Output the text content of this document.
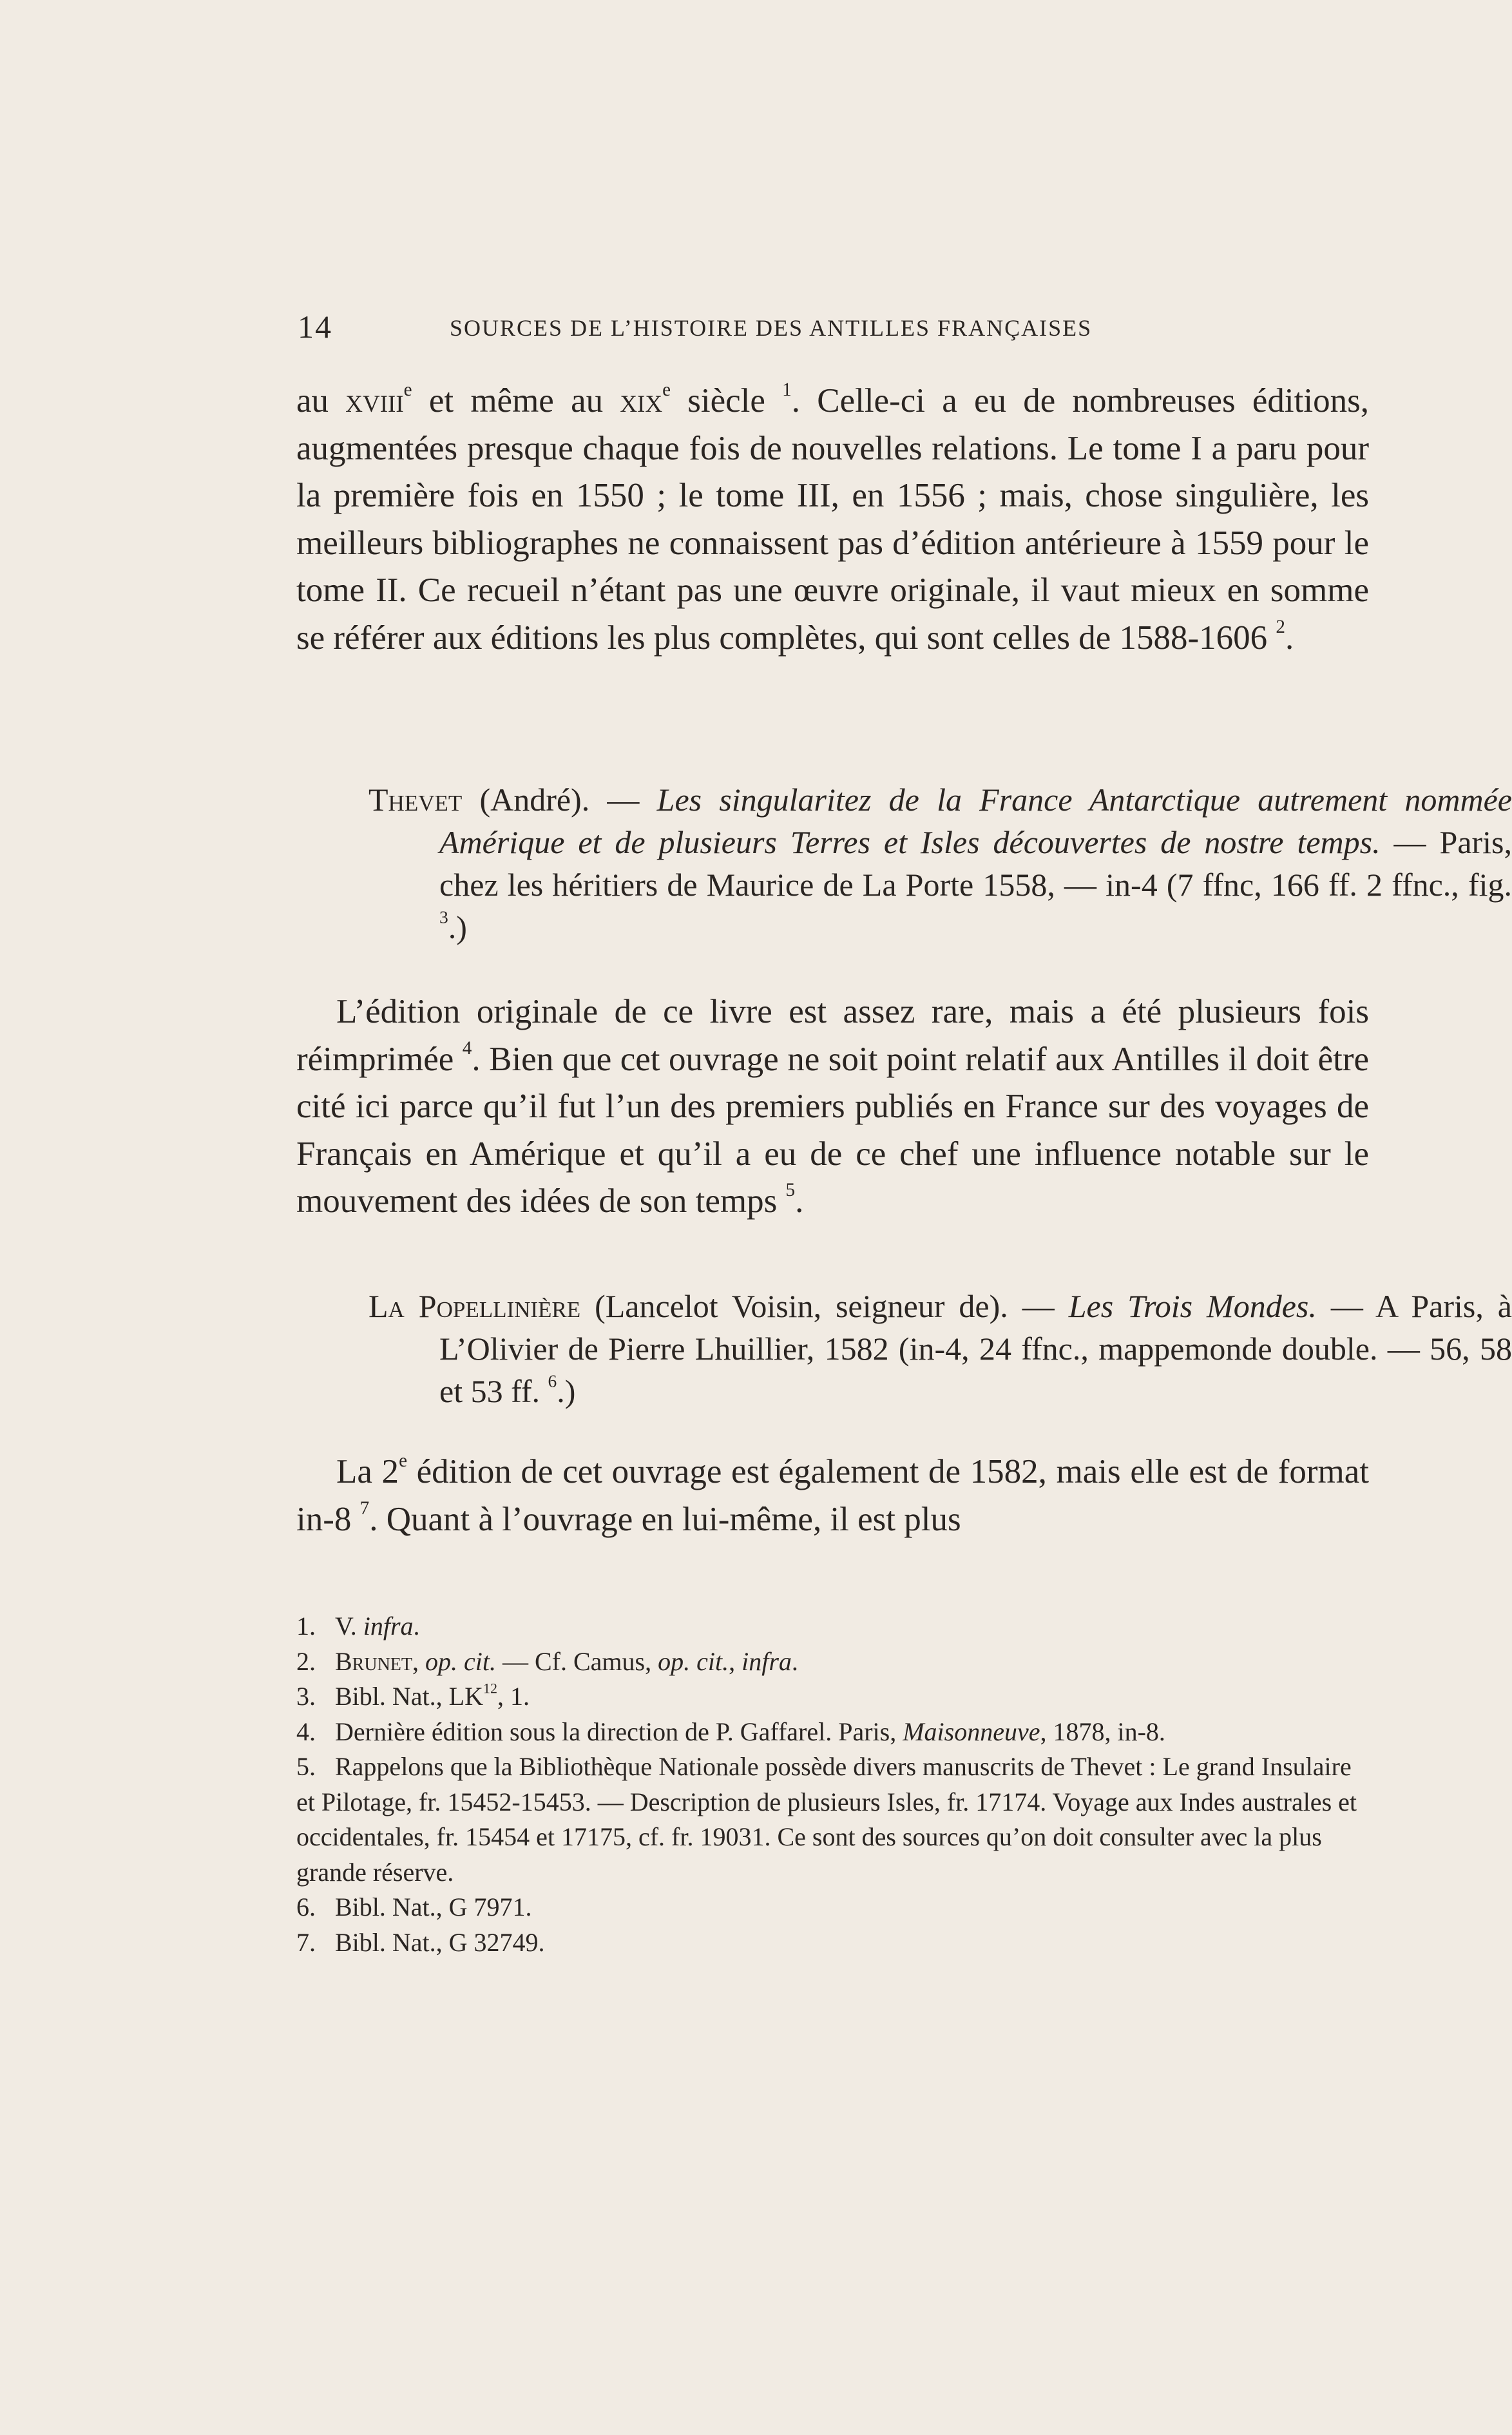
14	SOURCES DE L’HISTOIRE DES ANTILLES FRANÇAISES

au xviii$^e$ et même au xix$^e$ siècle $^1$. Celle-ci a eu de nombreuses éditions, augmentées presque chaque fois de nouvelles relations. Le tome I a paru pour la première fois en 1550 ; le tome III, en 1556 ; mais, chose singulière, les meilleurs bibliographes ne connaissent pas d’édition antérieure à 1559 pour le tome II. Ce recueil n’étant pas une œuvre originale, il vaut mieux en somme se référer aux éditions les plus complètes, qui sont celles de 1588-1606 $^2$.

Thevet (André). — Les singularitez de la France Antarctique autrement nommée Amérique et de plusieurs Terres et Isles découvertes de nostre temps. — Paris, chez les héritiers de Maurice de La Porte 1558, — in-4 (7 ffnc, 166 ff. 2 ffnc., fig. $^3$.)

L’édition originale de ce livre est assez rare, mais a été plusieurs fois réimprimée $^4$. Bien que cet ouvrage ne soit point relatif aux Antilles il doit être cité ici parce qu’il fut l’un des premiers publiés en France sur des voyages de Français en Amérique et qu’il a eu de ce chef une influence notable sur le mouvement des idées de son temps $^5$.

La Popellinière (Lancelot Voisin, seigneur de). — Les Trois Mondes. — A Paris, à L’Olivier de Pierre Lhuillier, 1582 (in-4, 24 ffnc., mappemonde double. — 56, 58 et 53 ff. $^6$.)

La 2e édition de cet ouvrage est également de 1582, mais elle est de format in-8 $^7$. Quant à l’ouvrage en lui-même, il est plus

1. V. infra.

2. Brunet, op. cit. — Cf. Camus, op. cit., infra.

3. Bibl. Nat., LK$^{12}$, 1.

4. Dernière édition sous la direction de P. Gaffarel. Paris, Maisonneuve, 1878, in-8.

5. Rappelons que la Bibliothèque Nationale possède divers manuscrits de Thevet : Le grand Insulaire et Pilotage, fr. 15452-15453. — Description de plusieurs Isles, fr. 17174. Voyage aux Indes australes et occidentales, fr. 15454 et 17175, cf. fr. 19031. Ce sont des sources qu’on doit consulter avec la plus grande réserve.

6. Bibl. Nat., G 7971.

7. Bibl. Nat., G 32749.
